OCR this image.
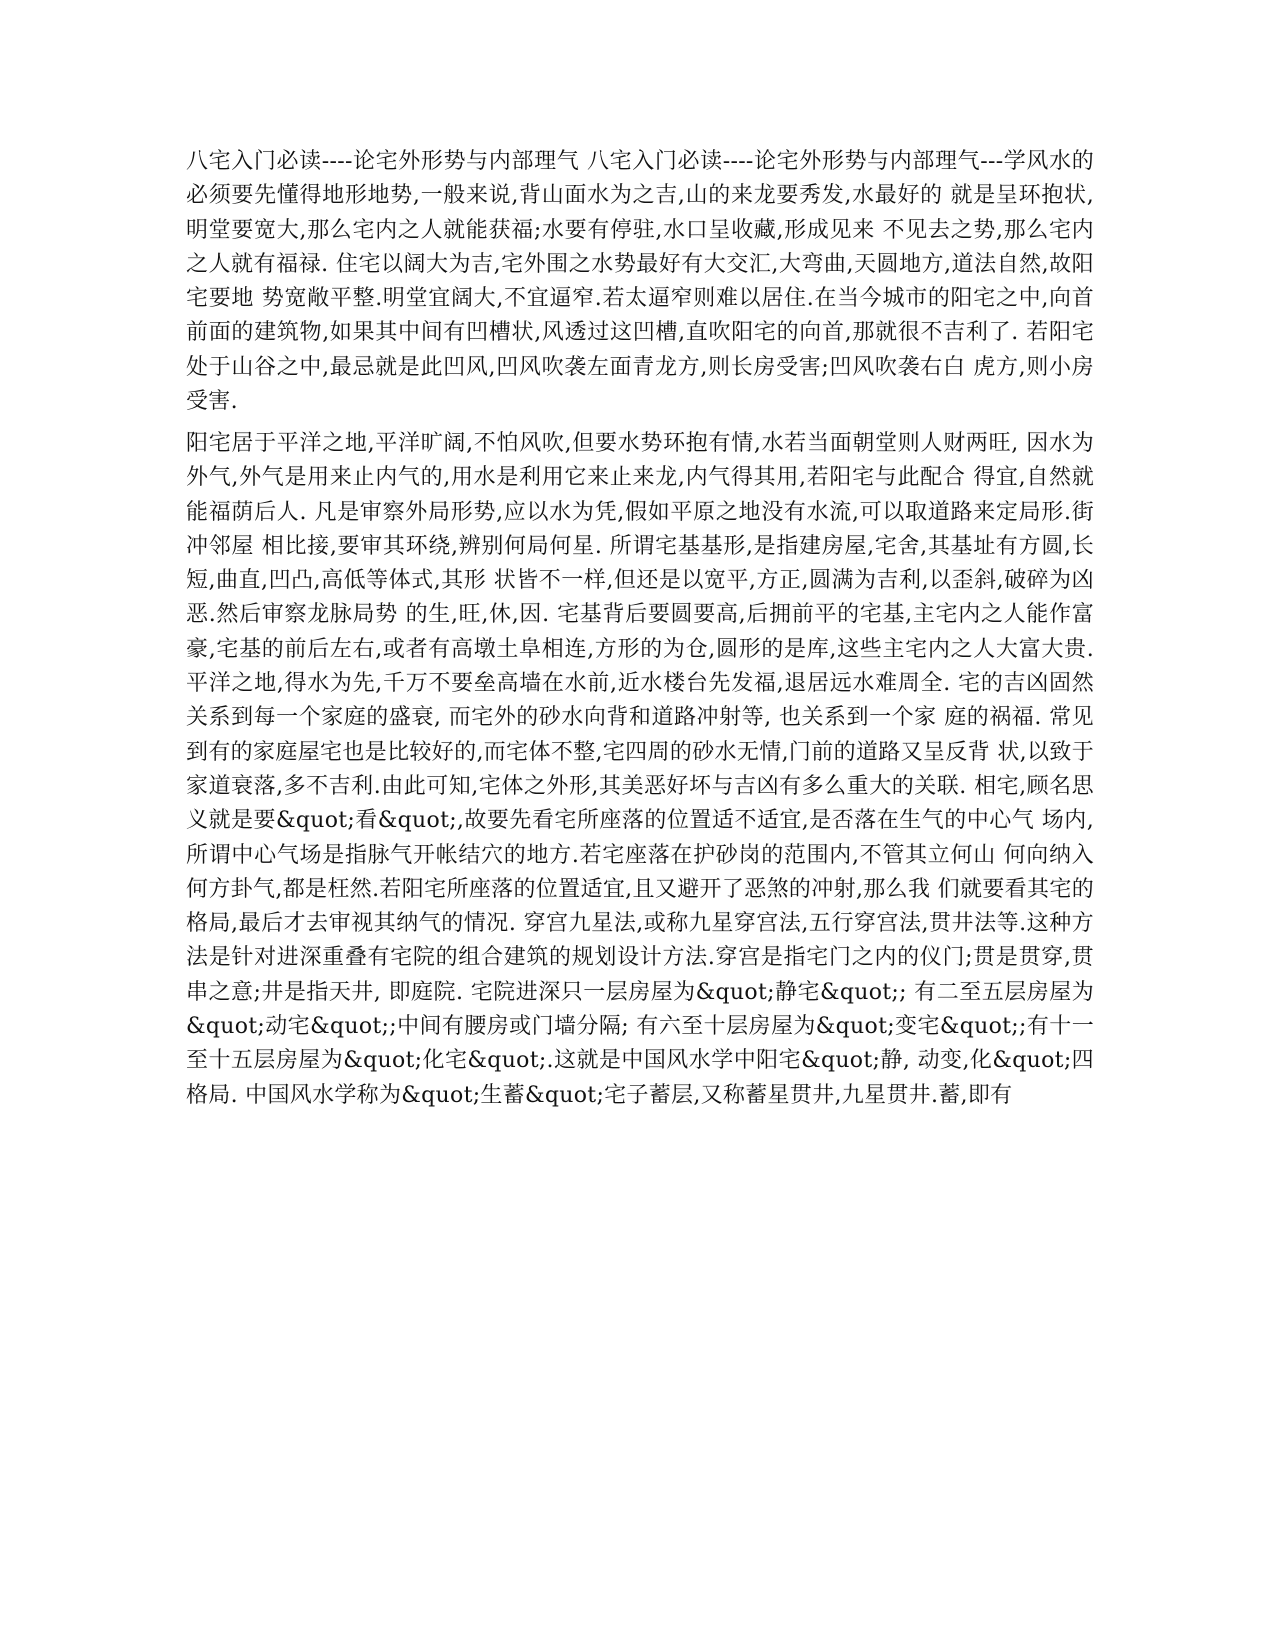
八宅入门必读----论宅外形势与内部理气 八宅入门必读----论宅外形势与内部理气---学风水的必须要先懂得地形地势,一般来说,背山面水为之吉,山的来龙要秀发,水最好的 就是呈环抱状,明堂要宽大,那么宅内之人就能获福;水要有停驻,水口呈收藏,形成见来 不见去之势,那么宅内之人就有福禄. 住宅以阔大为吉,宅外围之水势最好有大交汇,大弯曲,天圆地方,道法自然,故阳宅要地 势宽敞平整.明堂宜阔大,不宜逼窄.若太逼窄则难以居住.在当今城市的阳宅之中,向首 前面的建筑物,如果其中间有凹槽状,风透过这凹槽,直吹阳宅的向首,那就很不吉利了. 若阳宅处于山谷之中,最忌就是此凹风,凹风吹袭左面青龙方,则长房受害;凹风吹袭右白 虎方,则小房受害.
阳宅居于平洋之地,平洋旷阔,不怕风吹,但要水势环抱有情,水若当面朝堂则人财两旺, 因水为外气,外气是用来止内气的,用水是利用它来止来龙,内气得其用,若阳宅与此配合 得宜,自然就能福荫后人. 凡是审察外局形势,应以水为凭,假如平原之地没有水流,可以取道路来定局形.街冲邻屋 相比接,要审其环绕,辨别何局何星. 所谓宅基基形,是指建房屋,宅舍,其基址有方圆,长短,曲直,凹凸,高低等体式,其形 状皆不一样,但还是以宽平,方正,圆满为吉利,以歪斜,破碎为凶恶.然后审察龙脉局势 的生,旺,休,因. 宅基背后要圆要高,后拥前平的宅基,主宅内之人能作富豪,宅基的前后左右,或者有高墩土阜相连,方形的为仓,圆形的是库,这些主宅内之人大富大贵.平洋之地,得水为先,千万不要垒高墙在水前,近水楼台先发福,退居远水难周全. 宅的吉凶固然关系到每一个家庭的盛衰, 而宅外的砂水向背和道路冲射等, 也关系到一个家 庭的祸福. 常见到有的家庭屋宅也是比较好的,而宅体不整,宅四周的砂水无情,门前的道路又呈反背 状,以致于家道衰落,多不吉利.由此可知,宅体之外形,其美恶好坏与吉凶有多么重大的关联. 相宅,顾名思义就是要&quot;看&quot;,故要先看宅所座落的位置适不适宜,是否落在生气的中心气 场内,所谓中心气场是指脉气开帐结穴的地方.若宅座落在护砂岗的范围内,不管其立何山 何向纳入何方卦气,都是枉然.若阳宅所座落的位置适宜,且又避开了恶煞的冲射,那么我 们就要看其宅的格局,最后才去审视其纳气的情况. 穿宫九星法,或称九星穿宫法,五行穿宫法,贯井法等.这种方法是针对进深重叠有宅院的组合建筑的规划设计方法.穿宫是指宅门之内的仪门;贯是贯穿,贯串之意;井是指天井, 即庭院. 宅院进深只一层房屋为&quot;静宅&quot;; 有二至五层房屋为&quot;动宅&quot;;中间有腰房或门墙分隔; 有六至十层房屋为&quot;变宅&quot;;有十一至十五层房屋为&quot;化宅&quot;.这就是中国风水学中阳宅&quot;静, 动变,化&quot;四格局. 中国风水学称为&quot;生蓄&quot;宅子蓄层,又称蓄星贯井,九星贯井.蓄,即有
